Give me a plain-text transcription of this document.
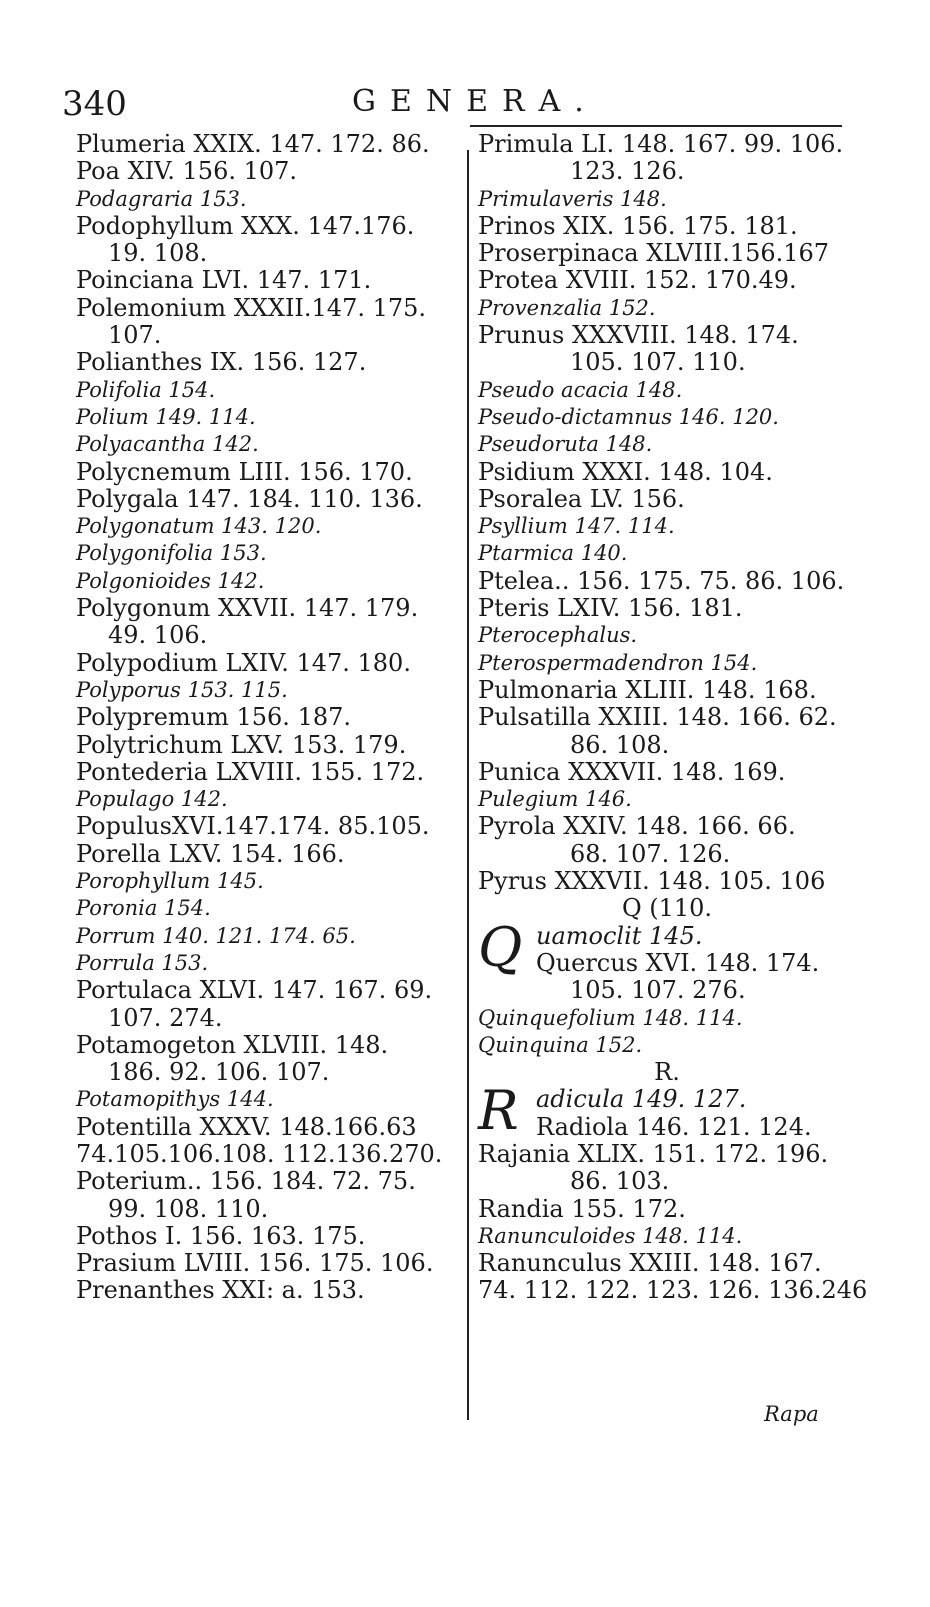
340	GENERA.
Plumeria XXIX. 147. 172. 86.
Poa XIV. 156. 107.
Podagraria 153.
Podophyllum XXX. 147.176.
19. 108.
Poinciana LVI. 147. 171.
Polemonium XXXII.147. 175.
107.
Polianthes IX. 156. 127.
Polifolia 154.
Polium 149. 114.
Polyacantha 142.
Polycnemum LIII. 156. 170.
Polygala 147. 184. 110. 136.
Polygonatum 143. 120.
Polygonifolia 153.
Polgonioides 142.
Polygonum XXVII. 147. 179.
49. 106.
Polypodium LXIV. 147. 180.
Polyporus 153. 115.
Polypremum 156. 187.
Polytrichum LXV. 153. 179.
Pontederia LXVIII. 155. 172.
Populago 142.
PopulusXVI.147.174. 85.105.
Porella LXV. 154. 166.
Porophyllum 145.
Poronia 154.
Porrum 140. 121. 174. 65.
Porrula 153.
Portulaca XLVI. 147. 167. 69.
107. 274.
Potamogeton XLVIII. 148.
186. 92. 106. 107.
Potamopithys 144.
Potentilla XXXV. 148.166.63
74.105.106.108. 112.136.270.
Poterium.. 156. 184. 72. 75.
99. 108. 110.
Pothos I. 156. 163. 175.
Prasium LVIII. 156. 175. 106.
Prenanthes XXI: a. 153.
Primula LI. 148. 167. 99. 106.
123. 126.
Primulaveris 148.
Prinos XIX. 156. 175. 181.
Proserpinaca XLVIII.156.167
Protea XVIII. 152. 170.49.
Provenzalia 152.
Prunus XXXVIII. 148. 174.
105. 107. 110.
Pseudo acacia 148.
Pseudo-dictamnus 146. 120.
Pseudoruta 148.
Psidium XXXI. 148. 104.
Psoralea LV. 156.
Psyllium 147. 114.
Ptarmica 140.
Ptelea.. 156. 175. 75. 86. 106.
Pteris LXIV. 156. 181.
Pterocephalus.
Pterospermadendron 154.
Pulmonaria XLIII. 148. 168.
Pulsatilla XXIII. 148. 166. 62.
86. 108.
Punica XXXVII. 148. 169.
Pulegium 146.
Pyrola XXIV. 148. 166. 66.
68. 107. 126.
Pyrus XXXVII. 148. 105. 106
Q (110.
Q uamoclit 145.
Quercus XVI. 148. 174.
105. 107. 276.
Quinquefolium 148. 114.
Quinquina 152.
R.
R adicula 149. 127.
Radiola 146. 121. 124.
Rajania XLIX. 151. 172. 196.
86. 103.
Randia 155. 172.
Ranunculoides 148. 114.
Ranunculus XXIII. 148. 167.
74. 112. 122. 123. 126. 136.246
Rapa
